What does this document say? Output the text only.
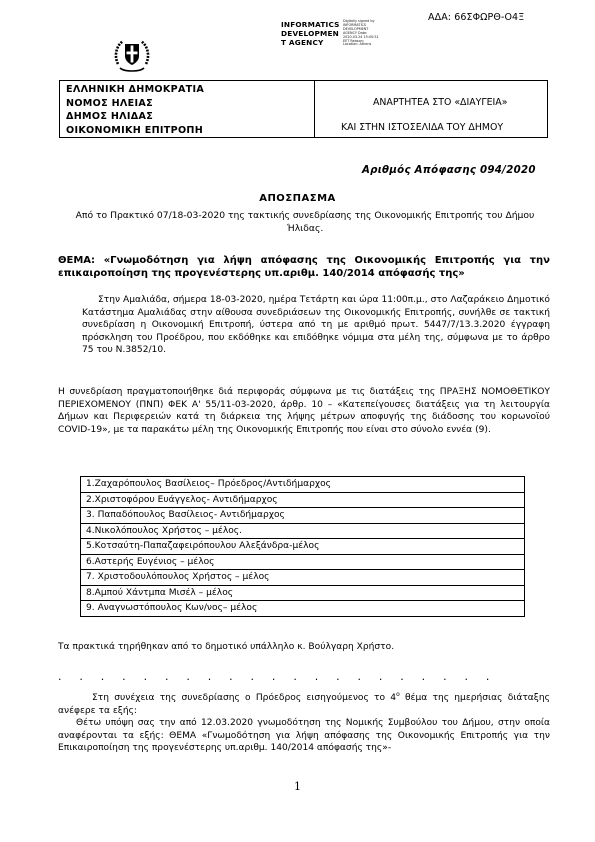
ΑΔΑ: 66ΣΦΩΡΘ-Ο4Ξ
INFORMATICS
DEVELOPMEN
T AGENCY
Digitally signed by INFORMATICS DEVELOPMENT AGENCY Date: 2020.03.24 15:00:51 EET Reason: Location: Athens
ΕΛΛΗΝΙΚΗ ΔΗΜΟΚΡΑΤΙΑ
ΝΟΜΟΣ ΗΛΕΙΑΣ
ΔΗΜΟΣ ΗΛΙΔΑΣ
ΟΙΚΟΝΟΜΙΚΗ ΕΠΙΤΡΟΠΗ
ΑΝΑΡΤΗΤΕΑ ΣΤΟ «ΔΙΑΥΓΕΙΑ»
ΚΑΙ ΣΤΗΝ ΙΣΤΟΣΕΛΙΔΑ ΤΟΥ ΔΗΜΟΥ
Αριθμός Απόφασης 094/2020
ΑΠΟΣΠΑΣΜΑ
Από το Πρακτικό 07/18-03-2020 της τακτικής συνεδρίασης της Οικονομικής Επιτροπής του Δήμου Ήλιδας.
ΘΕΜΑ: «Γνωμοδότηση για λήψη απόφασης της Οικονομικής Επιτροπής για την επικαιροποίηση της προγενέστερης υπ.αριθμ. 140/2014 απόφασής της»
Στην Αμαλιάδα, σήμερα 18-03-2020, ημέρα Τετάρτη και ώρα 11:00π.μ., στο Λαζαράκειο Δημοτικό Κατάστημα Αμαλιάδας στην αίθουσα συνεδριάσεων της Οικονομικής Επιτροπής, συνήλθε σε τακτική συνεδρίαση η Οικονομική Επιτροπή, ύστερα από τη με αριθμό πρωτ. 5447/7/13.3.2020 έγγραφη πρόσκληση του Προέδρου, που εκδόθηκε και επιδόθηκε νόμιμα στα μέλη της, σύμφωνα με το άρθρο 75 του Ν.3852/10.
Η συνεδρίαση πραγματοποιήθηκε διά περιφοράς σύμφωνα με τις διατάξεις της ΠΡΑΞΗΣ ΝΟΜΟΘΕΤΙΚΟΥ ΠΕΡΙΕΧΟΜΕΝΟΥ (ΠΝΠ) ΦΕΚ Α' 55/11-03-2020, άρθρ. 10 – «Κατεπείγουσες διατάξεις για τη λειτουργία Δήμων και Περιφερειών κατά τη διάρκεια της λήψης μέτρων αποφυγής της διάδοσης του κορωνοϊού COVID-19», με τα παρακάτω μέλη της Οικονομικής Επιτροπής που είναι στο σύνολο εννέα (9).
1.Ζαχαρόπουλος Βασίλειος– Πρόεδρος/Αντιδήμαρχος
2.Χριστοφόρου Ευάγγελος- Αντιδήμαρχος
3. Παπαδόπουλος Βασίλειος- Αντιδήμαρχος
4.Νικολόπουλος Χρήστος – μέλος.
5.Κοτσαύτη-Παπαζαφειρόπουλου Αλεξάνδρα-μέλος
6.Αστερής Ευγένιος – μέλος
7. Χριστοδουλόπουλος Χρήστος – μέλος
8.Αμπού Χάντμπα Μισέλ – μέλος
9. Αναγνωστόπουλος Κων/νος– μέλος
Τα πρακτικά τηρήθηκαν από το δημοτικό υπάλληλο κ. Βούλγαρη Χρήστο.
. . . . . . . . . . . . . . . . . . . . .
Στη συνέχεια της συνεδρίασης ο Πρόεδρος εισηγούμενος το $4^o$ θέμα της ημερήσιας διάταξης ανέφερε τα εξής:
Θέτω υπόψη σας την από 12.03.2020 γνωμοδότηση της Νομικής Συμβούλου του Δήμου, στην οποία αναφέρονται τα εξής: ΘΕΜΑ «Γνωμοδότηση για λήψη απόφασης της Οικονομικής Επιτροπής για την Επικαιροποίηση της προγενέστερης υπ.αριθμ. 140/2014 απόφασής της»-
1
